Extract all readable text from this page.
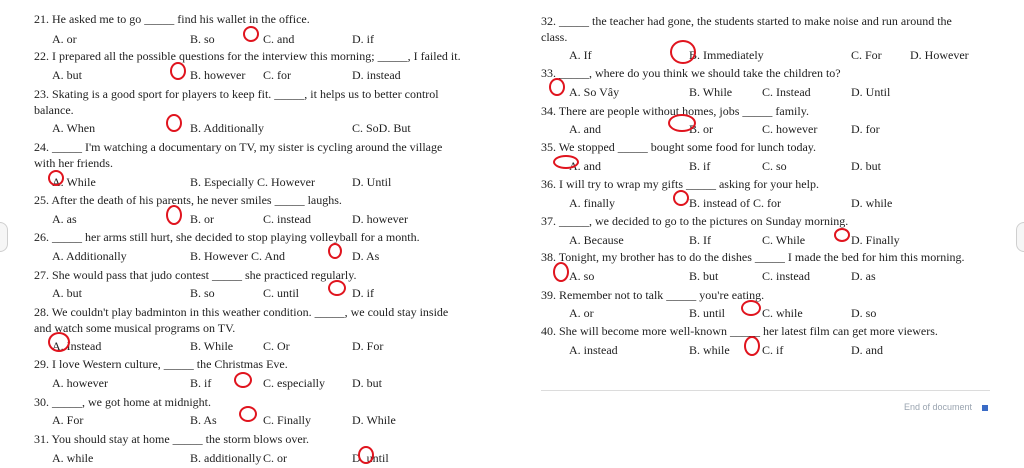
21. He asked me to go _____ find his wallet in the office.
A. or	B. so	C. and	D. if
22. I prepared all the possible questions for the interview this morning; _____, I failed it.
A. but	B. however C. for	D. instead
23. Skating is a good sport for players to keep fit. _____, it helps us to better control
balance.
A. When	B. Additionally	C. SoD. But
24. _____ I'm watching a documentary on TV, my sister is cycling around the village
with her friends.
A. While	B. Especially C. However	D. Until
25. After the death of his parents, he never smiles _____ laughs.
A. as	B. or	C. instead	D. however
26. _____ her arms still hurt, she decided to stop playing volleyball for a month.
A. Additionally	B. However C. And	D. As
27. She would pass that judo contest _____ she practiced regularly.
A. but	B. so	C. until	D. if
28. We couldn't play badminton in this weather condition. _____, we could stay inside
and watch some musical programs on TV.
A. Instead	B. While C. Or	D. For
29. I love Western culture, _____ the Christmas Eve.
A. however	B. if	C. especially D. but
30. _____, we got home at midnight.
A. For	B. As	C. Finally	D. While
31. You should stay at home _____ the storm blows over.
A. while	B. additionally C. or	D. until
32. _____ the teacher had gone, the students started to make noise and run around the
class.
A. If	B. Immediately	C. For D. However
33. _____, where do you think we should take the children to?
A. So Vây	B. While C. Instead	D. Until
34. There are people without homes, jobs _____ family.
A. and	B. or	C. however	D. for
35. We stopped _____ bought some food for lunch today.
A. and	B. if	C. so	D. but
36. I will try to wrap my gifts _____ asking for your help.
A. finally	B. instead of C. for	D. while
37. _____, we decided to go to the pictures on Sunday morning.
A. Because	B. If	C. While	D. Finally
38. Tonight, my brother has to do the dishes _____ I made the bed for him this morning.
A. so	B. but	C. instead	D. as
39. Remember not to talk _____ you're eating.
A. or	B. until	C. while	D. so
40. She will become more well-known _____ her latest film can get more viewers.
A. instead	B. while	C. if	D. and
End of document
